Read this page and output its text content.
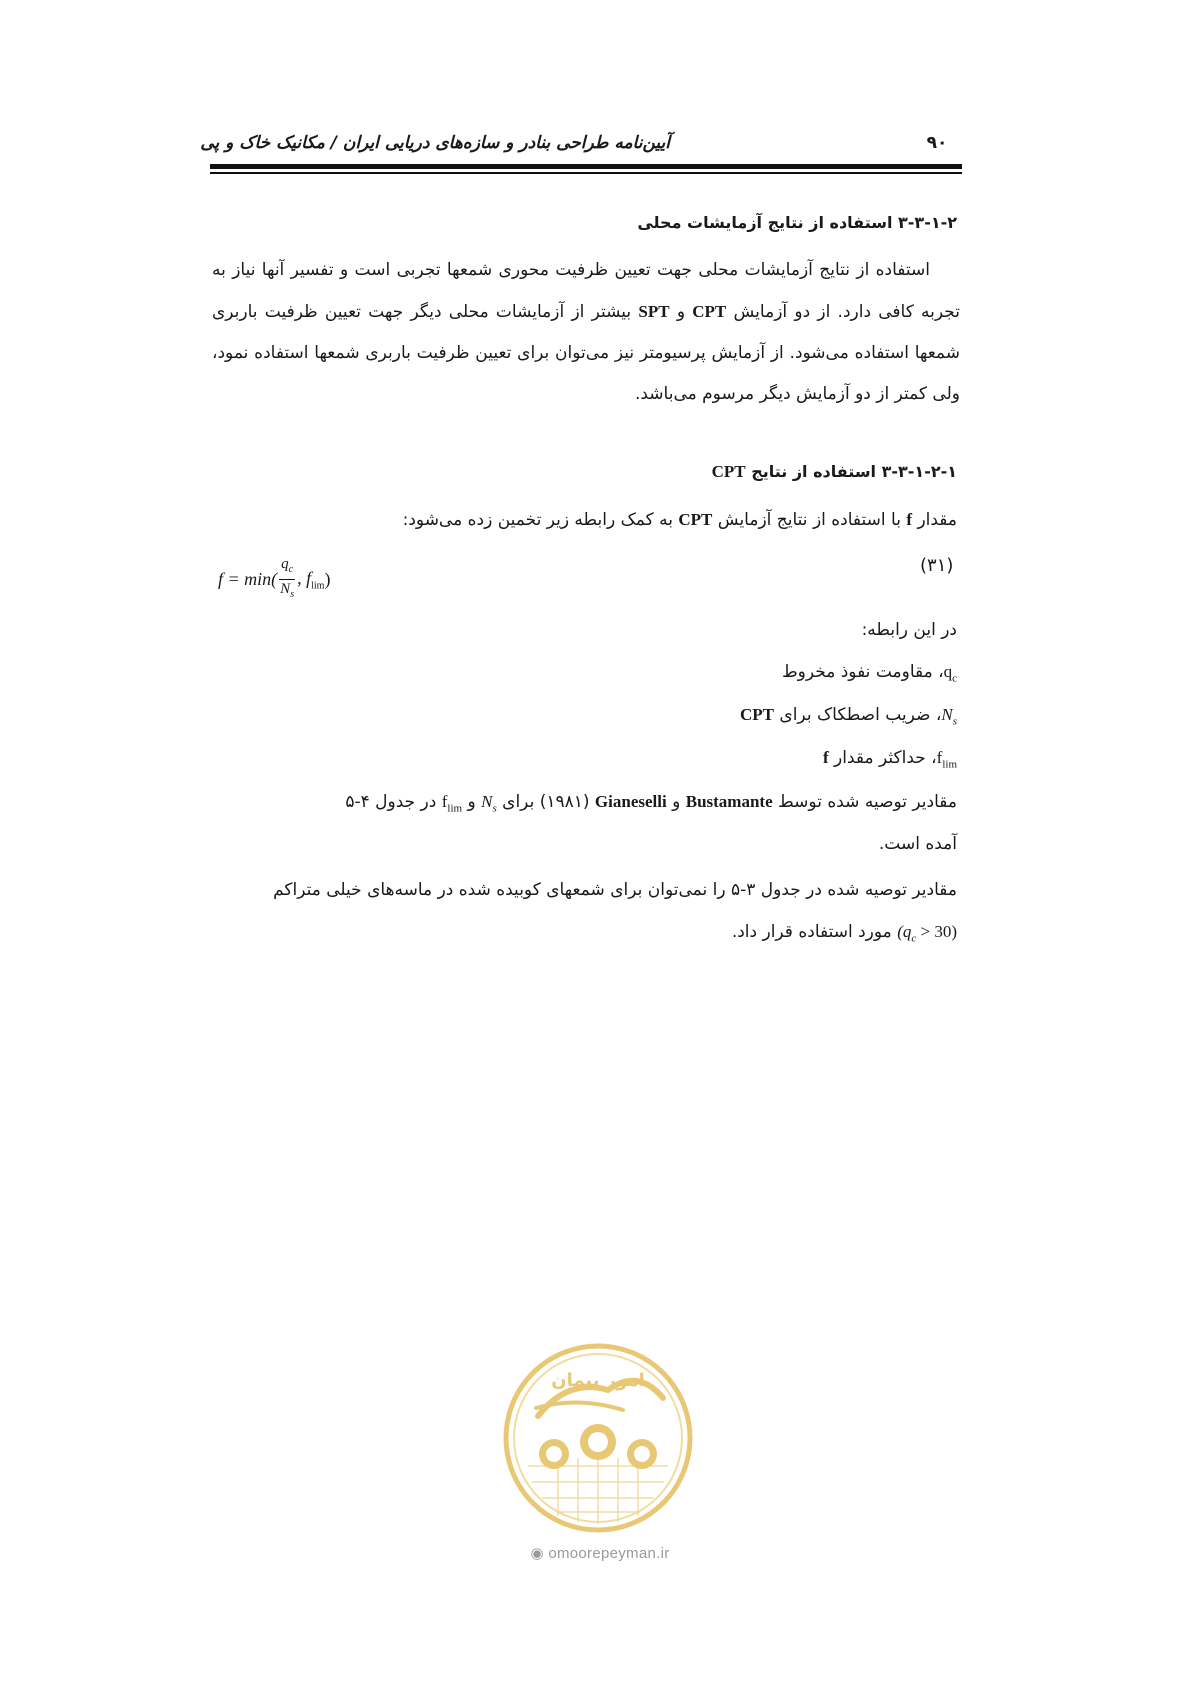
آیین‌نامه طراحی بنادر و سازه‌های دریایی ایران / مکانیک خاک و پی	۹۰
۳-۳-۱-۲ استفاده از نتایج آزمایشات محلی
استفاده از نتایج آزمایشات محلی جهت تعیین ظرفیت محوری شمعها تجربی است و تفسیر آنها نیاز به تجربه کافی دارد. از دو آزمایش CPT و SPT بیشتر از آزمایشات محلی دیگر جهت تعیین ظرفیت باربری شمعها استفاده می‌شود. از آزمایش پرسیومتر نیز می‌توان برای تعیین ظرفیت باربری شمعها استفاده نمود، ولی کمتر از دو آزمایش دیگر مرسوم می‌باشد.
۳-۳-۱-۲-۱ استفاده از نتایج CPT
مقدار f با استفاده از نتایج آزمایش CPT به کمک رابطه زیر تخمین زده می‌شود:
$f = \min( \frac{q_c}{N_s}$ , $f_{lim}$ )
(۳۱)
در این رابطه:
$q_c،$ مقاومت نفوذ مخروط
$N_s،$ ضریب اصطکاک برای CPT
$f_{lim}،$ حداکثر مقدار f
مقادیر توصیه شده توسط Bustamante و Gianeselli (۱۹۸۱) برای $N_s$ و $f_{lim}$ در جدول ۴-۵
آمده است.
مقادیر توصیه شده در جدول ۳-۵ را نمی‌توان برای شمعهای کوبیده شده در ماسه‌های خیلی متراکم
$(q_c > 30)$ مورد استفاده قرار داد.
امور پیمان
◉ omoorepeyman.ir
